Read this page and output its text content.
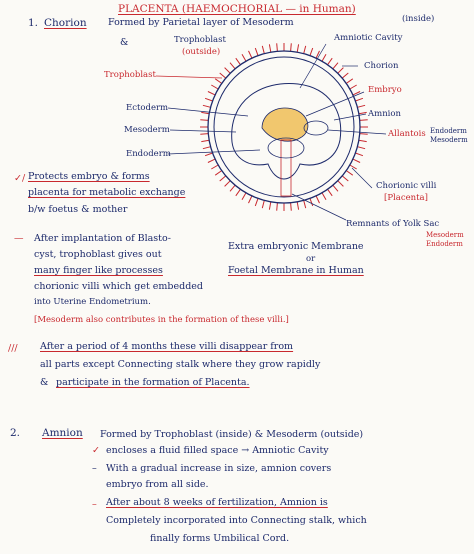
PLACENTA (HAEMOCHORIAL — in Human)
1. Chorion Formed by Parietal layer of Mesoderm	(inside)
&	Trophoblast
(outside)
Amniotic Cavity
Chorion
Trophoblast
Embryo
Ectoderm
Mesoderm
Amnion
Allantois Endoderm
Mesoderm
Endoderm
Chorionic villi
[Placenta]
Remnants of Yolk Sac
Mesoderm
Endoderm
✓/ Protects embryo & forms
placenta for metabolic exchange
b/w foetus & mother
Extra embryonic Membrane
or
Foetal Membrane in Human
— After implantation of Blasto-
cyst, trophoblast gives out
many finger like processes
chorionic villi which get embedded
into Uterine Endometrium.
[Mesoderm also contributes in the formation of these villi.]
/// After a period of 4 months these villi disappear from
all parts except Connecting stalk where they grow rapidly
& participate in the formation of Placenta.
2. Amnion Formed by Trophoblast (inside) & Mesoderm (outside)
✓ encloses a fluid filled space → Amniotic Cavity
– With a gradual increase in size, amnion covers
embryo from all side.
– After about 8 weeks of fertilization, Amnion is
Completely incorporated into Connecting stalk, which
finally forms Umbilical Cord.
